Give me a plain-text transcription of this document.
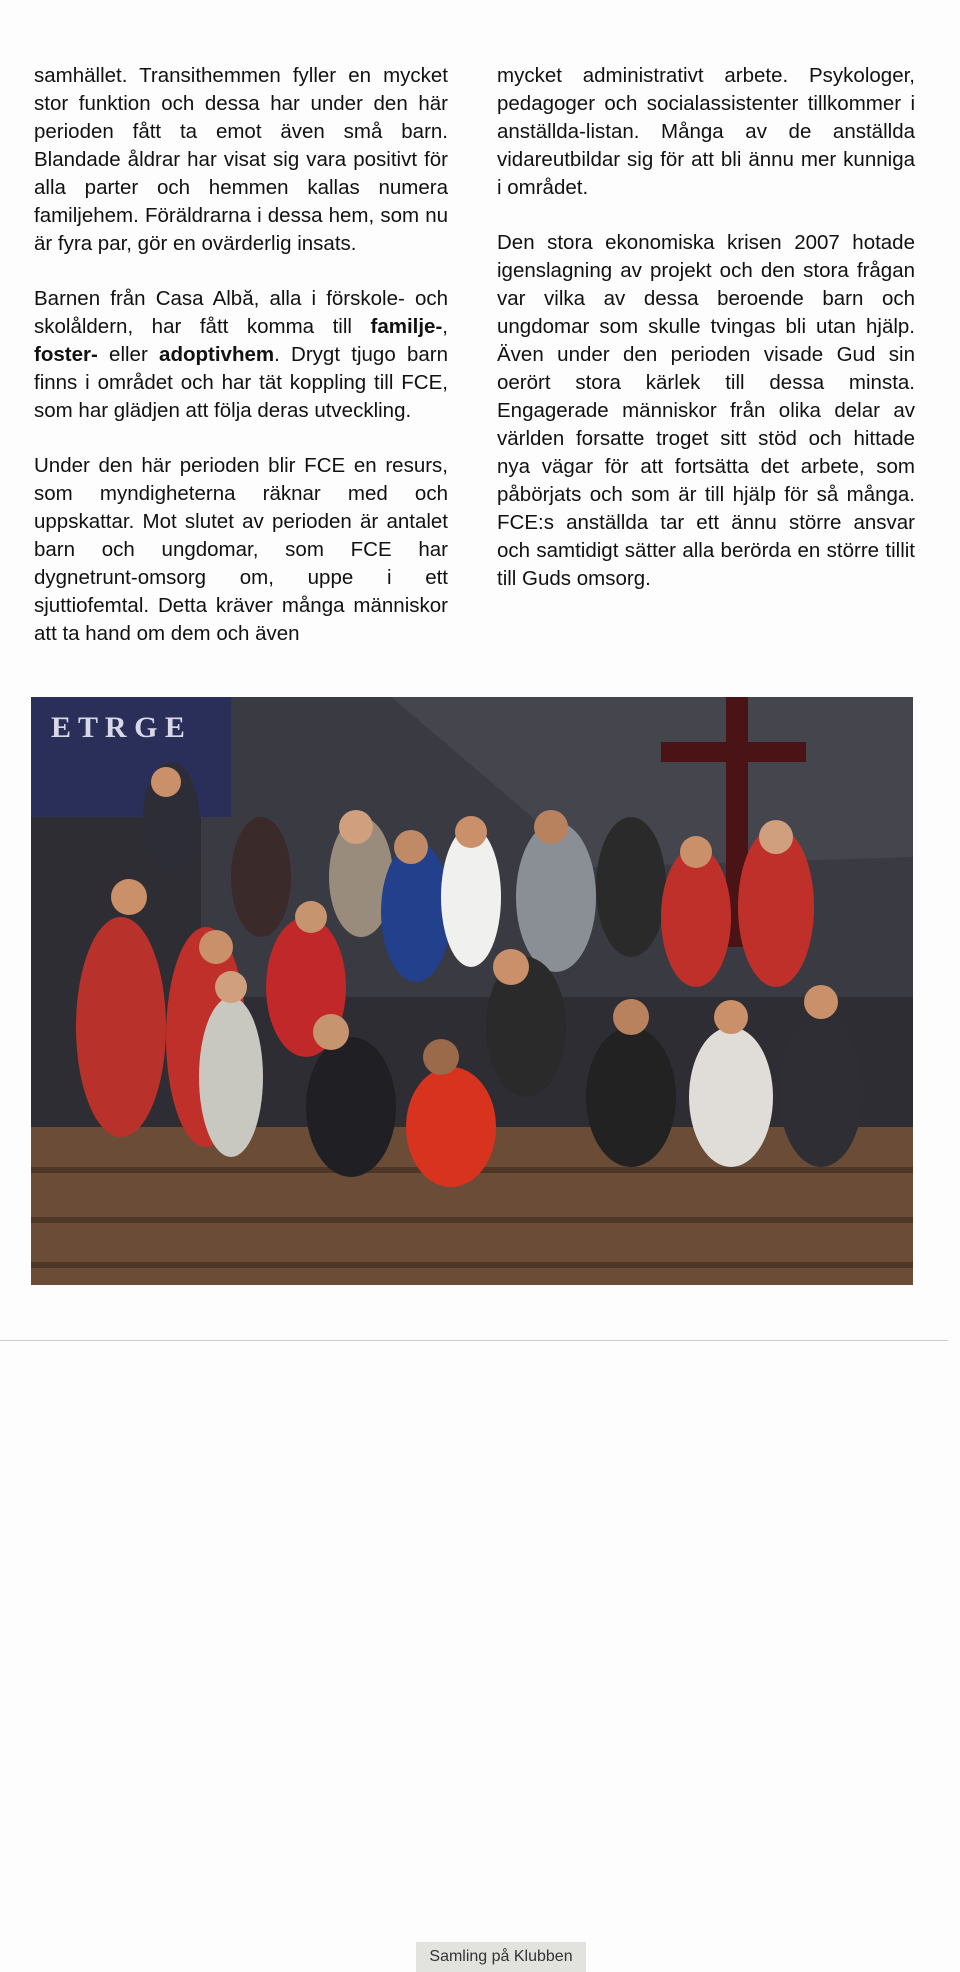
samhället. Transithemmen fyller en mycket stor funktion och dessa har under den här perioden fått ta emot även små barn. Blandade åldrar har visat sig vara positivt för alla parter och hemmen kallas numera familjehem. Föräldrarna i dessa hem, som nu är fyra par, gör en ovärderlig insats.

Barnen från Casa Albă, alla i förskole- och skolåldern, har fått komma till familje-, foster- eller adoptivhem. Drygt tjugo barn finns i området och har tät koppling till FCE, som har glädjen att följa deras utveckling.

Under den här perioden blir FCE en resurs, som myndigheterna räknar med och uppskattar. Mot slutet av perioden är antalet barn och ungdomar, som FCE har dygnetrunt-omsorg om, uppe i ett sjuttiofemtal. Detta kräver många människor att ta hand om dem och även

mycket administrativt arbete. Psykologer, pedagoger och socialassistenter tillkommer i anställda-listan. Många av de anställda vidareutbildar sig för att bli ännu mer kunniga i området.

Den stora ekonomiska krisen 2007 hotade igenslagning av projekt och den stora frågan var vilka av dessa beroende barn och ungdomar som skulle tvingas bli utan hjälp. Även under den perioden visade Gud sin oerört stora kärlek till dessa minsta. Engagerade människor från olika delar av världen forsatte troget sitt stöd och hittade nya vägar för att fortsätta det arbete, som påbörjats och som är till hjälp för så många. FCE:s anställda tar ett ännu större ansvar och samtidigt sätter alla berörda en större tillit till Guds omsorg.

E T R G E
Samling på Klubben
